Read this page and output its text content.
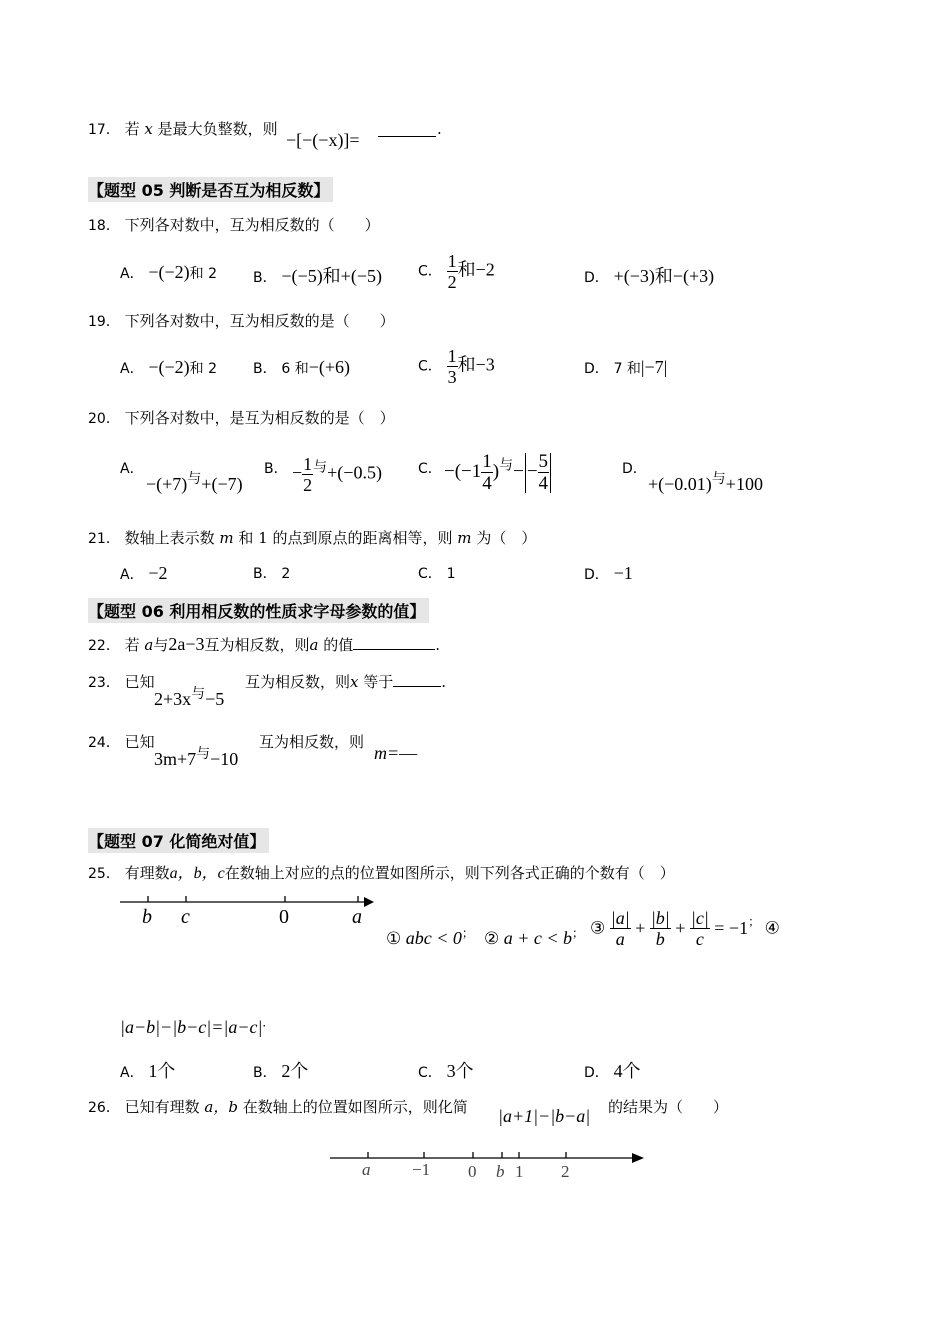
17． 若 x 是最大负整数，则
−[−(−x)]=
.
【题型 05 判断是否互为相反数】
18． 下列各对数中，互为相反数的（　　）
A． −(−2)和 2	B． −(−5)和+(−5)	C． $\frac{1}{2}$ 和−2	D． +(−3)和−(+3)
19． 下列各对数中，互为相反数的是（　　）
A． −(−2)和 2	B． 6 和−(+6)	C． $\frac{1}{3}$ 和−3	D． 7 和|−7|
20． 下列各对数中，是互为相反数的是（　）
A．
$-(+7)^与+(-7)$
B． − $\frac{1}{2} ^与+(-0.5)$	C． $-(-1 \frac{1}{4} )^与- - \frac{5}{4}$	D．
$+(-0.01)^与+100$
21． 数轴上表示数 m 和 1 的点到原点的距离相等，则 m 为（　）
A． −2	B． 2	C． 1	D． −1
【题型 06 利用相反数的性质求字母参数的值】
22． 若 a与2a−3互为相反数，则a 的值	.
23． 已知
$2+3x^与-5$
互为相反数，则x 等于	.
24． 已知
$3m+7^与-10$
互为相反数，则
m=—
【题型 07 化简绝对值】
25． 有理数a，b，c在数轴上对应的点的位置如图所示，则下列各式正确的个数有（　）
b c	0	a
① abc < 0； ② a + c < b； ③ $\frac{|a|}{a} + \frac{|b|}{b} + \frac{|c|}{c} = -1^;$ ④
|a−b|−|b−c|=|a−c|．
A． 1个	B． 2个	C． 3个	D． 4个
26． 已知有理数 a，b 在数轴上的位置如图所示，则化简 |a+1|−|b−a| 的结果为（　　）
a −1 0 b 1 2
